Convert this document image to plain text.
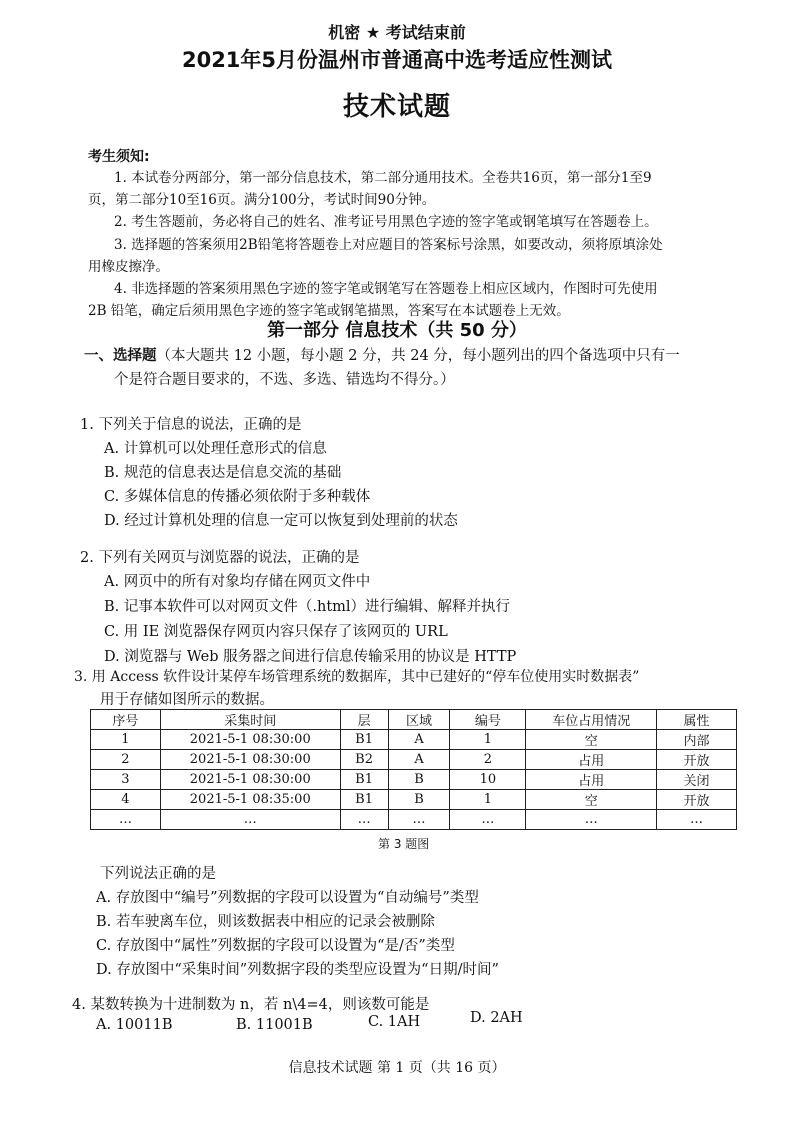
机密 ★ 考试结束前
2021年5月份温州市普通高中选考适应性测试
技术试题
考生须知:
1. 本试卷分两部分，第一部分信息技术，第二部分通用技术。全卷共16页，第一部分1至9
页，第二部分10至16页。满分100分，考试时间90分钟。
2. 考生答题前，务必将自己的姓名、准考证号用黑色字迹的签字笔或钢笔填写在答题卷上。
3. 选择题的答案须用2B铅笔将答题卷上对应题目的答案标号涂黑，如要改动，须将原填涂处
用橡皮擦净。
4. 非选择题的答案须用黑色字迹的签字笔或钢笔写在答题卷上相应区域内，作图时可先使用
2B 铅笔，确定后须用黑色字迹的签字笔或钢笔描黑，答案写在本试题卷上无效。
第一部分 信息技术（共 50 分）
一、选择题（本大题共 12 小题，每小题 2 分，共 24 分，每小题列出的四个备选项中只有一
个是符合题目要求的，不选、多选、错选均不得分。）
1. 下列关于信息的说法，正确的是
A. 计算机可以处理任意形式的信息
B. 规范的信息表达是信息交流的基础
C. 多媒体信息的传播必须依附于多种载体
D. 经过计算机处理的信息一定可以恢复到处理前的状态
2. 下列有关网页与浏览器的说法，正确的是
A. 网页中的所有对象均存储在网页文件中
B. 记事本软件可以对网页文件（.html）进行编辑、解释并执行
C. 用 IE 浏览器保存网页内容只保存了该网页的 URL
D. 浏览器与 Web 服务器之间进行信息传输采用的协议是 HTTP
3. 用 Access 软件设计某停车场管理系统的数据库，其中已建好的“停车位使用实时数据表”
用于存储如图所示的数据。
序号	采集时间	层	区域	编号	车位占用情况	属性
1	2021-5-1 08:30:00	B1	A	1	空	内部
2	2021-5-1 08:30:00	B2	A	2	占用	开放
3	2021-5-1 08:30:00	B1	B	10	占用	关闭
4	2021-5-1 08:35:00	B1	B	1	空	开放
…	…	…	…	…	…	…
第 3 题图
下列说法正确的是
A. 存放图中“编号”列数据的字段可以设置为“自动编号”类型
B. 若车驶离车位，则该数据表中相应的记录会被删除
C. 存放图中“属性”列数据的字段可以设置为“是/否”类型
D. 存放图中“采集时间”列数据字段的类型应设置为“日期/时间”
4. 某数转换为十进制数为 n，若 n\4=4，则该数可能是
A. 10011B	B. 11001B	C. 1AH	D. 2AH
信息技术试题 第 1 页（共 16 页）
